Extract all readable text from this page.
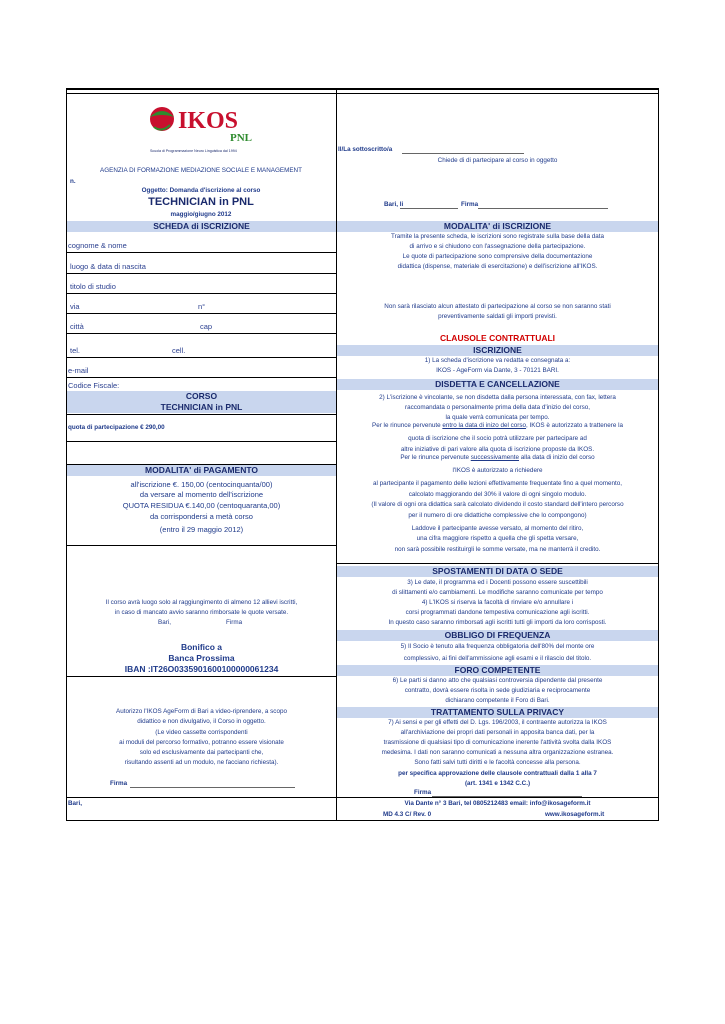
IKOS
PNL
Scuola di Programmazione Neuro Linguistica dal 1994
AGENZIA DI FORMAZIONE MEDIAZIONE SOCIALE E MANAGEMENT
n.
Oggetto: Domanda d'iscrizione al corso
TECHNICIAN in PNL
maggio/giugno 2012
SCHEDA di ISCRIZIONE
cognome & nome
luogo & data di nascita
titolo di studio
via	n°
città	cap
tel.	cell.
e-mail
Codice Fiscale:
CORSO
TECHNICIAN in PNL
quota di partecipazione € 290,00
MODALITA' di PAGAMENTO
all'iscrizione €. 150,00 (centocinquanta/00)
da versare al momento dell'iscrizione
QUOTA RESIDUA €.140,00 (centoquaranta,00)
da corrispondersi a metà corso
(entro il 29 maggio 2012)
Il corso avrà luogo solo al raggiungimento di almeno 12 allievi iscritti,
in caso di mancato avvio saranno rimborsate le quote versate.
Bari,	Firma
Bonifico a
Banca Prossima
IBAN :IT26O0335901600100000061234
Autorizzo l'IKOS AgeForm di Bari a video-riprendere, a scopo
didattico e non divulgativo, il Corso in oggetto.
(Le video cassette corrispondenti
ai moduli del percorso formativo, potranno essere visionate
solo ed esclusivamente dai partecipanti che,
risultando assenti ad un modulo, ne facciano richiesta).
Firma
Bari,
Il/La sottoscritto/a
Chiede di di partecipare al corso in oggetto
Bari, li	Firma
MODALITA' di ISCRIZIONE
Tramite la presente scheda, le iscrizioni sono registrate sulla base della data
di arrivo e si chiudono con l'assegnazione della partecipazione.
Le quote di partecipazione sono comprensive della documentazione
didattica (dispense, materiale di esercitazione) e dell'iscrizione all'IKOS.
Non sarà rilasciato alcun attestato di partecipazione al corso se non saranno stati
preventivamente saldati gli importi previsti.
CLAUSOLE CONTRATTUALI
ISCRIZIONE
1) La scheda d'iscrizione va redatta e consegnata a:
IKOS - AgeForm via Dante, 3 - 70121 BARI.
DISDETTA E CANCELLAZIONE
2) L'iscrizione è vincolante, se non disdetta dalla persona interessata, con fax, lettera
raccomandata o personalmente prima della data d'inizio del corso,
la quale verrà comunicata per tempo.
Per le rinunce pervenute entro la data di inizo del corso, IKOS è autorizzato a trattenere la
quota di iscrizione che il socio potrà utilizzare per partecipare ad
altre iniziative di pari valore alla quota di iscrizione proposte da IKOS.
Per le rinunce pervenute successivamente alla data di inizio del corso
l'IKOS è autorizzato a richiedere
al partecipante il pagamento delle lezioni effettivamente frequentate fino a quel momento,
calcolato maggiorando del 30% il valore di ogni singolo modulo.
(Il valore di ogni ora didattica sarà calcolato dividendo il costo standard dell'intero percorso
per il numero di ore didattiche complessive che lo compongono)
Laddove il partecipante avesse versato, al momento del ritiro,
una cifra maggiore rispetto a quella che gli spetta versare,
non sarà possibile restituirgli le somme versate, ma ne manterrà il credito.
SPOSTAMENTI DI DATA O SEDE
3) Le date, il programma ed i Docenti possono essere suscettibili
di slittamenti e/o cambiamenti. Le modifiche saranno comunicate per tempo
4) L'IKOS si riserva la facoltà di rinviare e/o annullare i
corsi programmati dandone tempestiva comunicazione agli iscritti.
In questo caso saranno rimborsati agli iscritti tutti gli importi da loro corrisposti.
OBBLIGO DI FREQUENZA
5) Il Socio è tenuto alla frequenza obbligatoria dell'80% del monte ore
complessivo, ai fini dell'ammissione agli esami e il rilascio del titolo.
FORO COMPETENTE
6) Le parti si danno atto che qualsiasi controversia dipendente dal presente
contratto, dovrà essere risolta in sede giudiziaria e reciprocamente
dichiarano competente il Foro di Bari.
TRATTAMENTO SULLA PRIVACY
7) Ai sensi e per gli effetti del D. Lgs. 196/2003, il contraente autorizza la IKOS
all'archiviazione dei propri dati personali in apposita banca dati, per la
trasmissione di qualsiasi tipo di comunicazione inerente l'attività svolta dalla IKOS
medesima. I dati non saranno comunicati a nessuna altra organizzazione estranea.
Sono fatti salvi tutti diritti e le facoltà concesse alla persona.
per specifica approvazione delle clausole contrattuali dalla 1 alla 7
(art. 1341 e 1342 C.C.)
Firma
Via Dante n° 3 Bari, tel 0805212483 email: info@ikosageform.it
MD 4.3 C/ Rev. 0	www.ikosageform.it
